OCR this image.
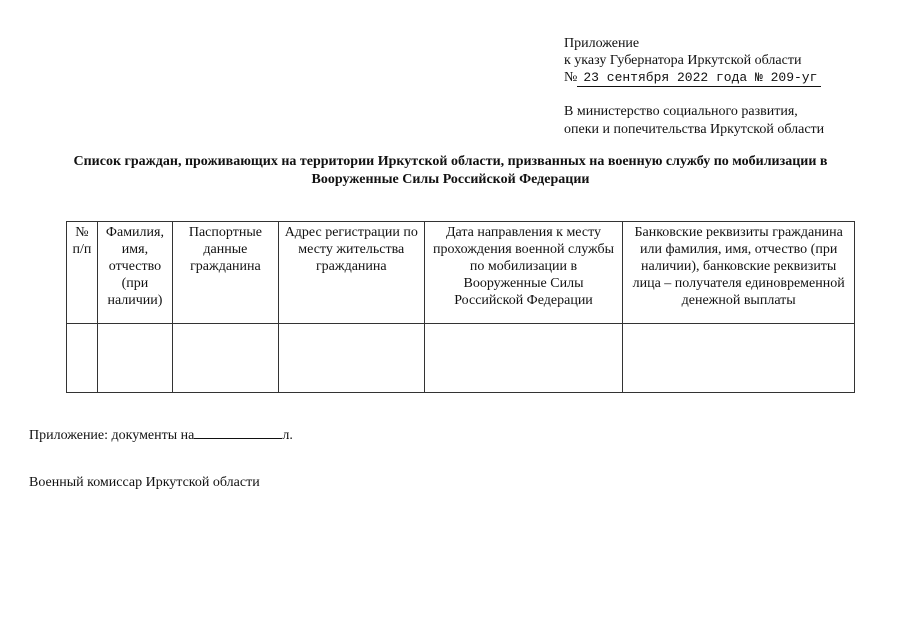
Приложение
к указу Губернатора Иркутской области
№ 23 сентября 2022 года № 209-уг
В министерство социального развития,
опеки и попечительства Иркутской области
Список граждан, проживающих на территории Иркутской области, призванных на военную службу по мобилизации в
Вооруженные Силы Российской Федерации
№ п/п	Фамилия, имя, отчество (при наличии)	Паспортные данные гражданина	Адрес регистрации по месту жительства гражданина	Дата направления к месту прохождения военной службы по мобилизации в Вооруженные Силы Российской Федерации	Банковские реквизиты гражданина или фамилия, имя, отчество (при наличии), банковские реквизиты лица – получателя единовременной денежной выплаты

Приложение: документы на	л.
Военный комиссар Иркутской области
